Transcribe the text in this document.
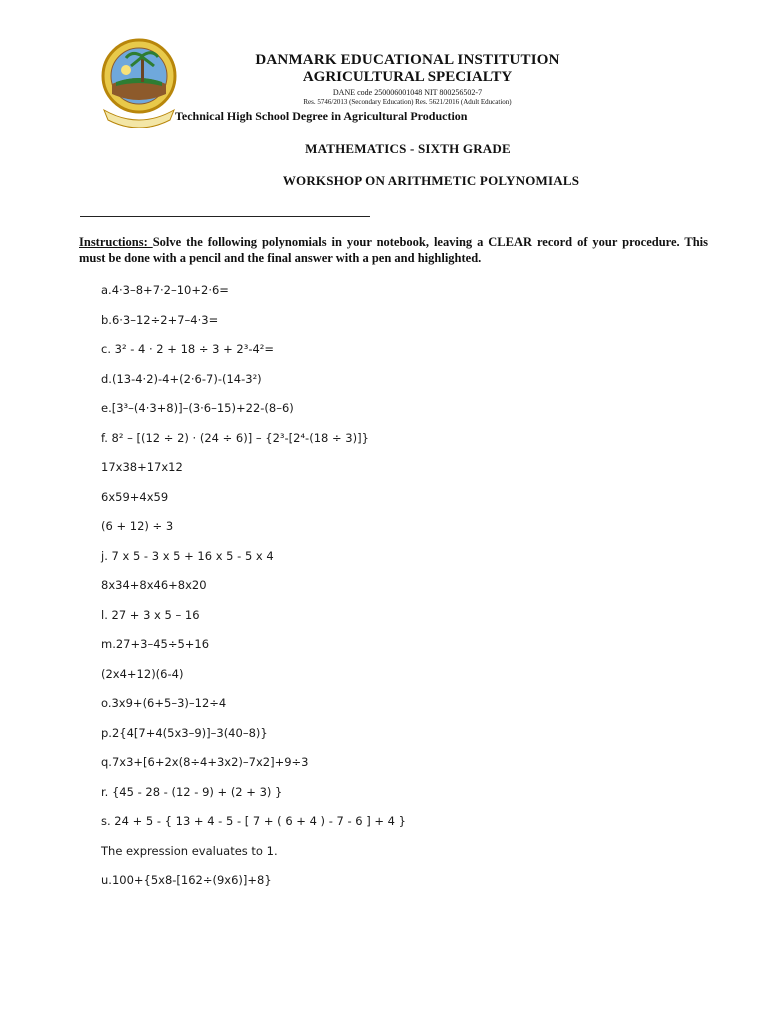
DANMARK EDUCATIONAL INSTITUTION
AGRICULTURAL SPECIALTY
DANE code 250006001048 NIT 800256502-7
Res. 5746/2013 (Secondary Education) Res. 5621/2016 (Adult Education)
Technical High School Degree in Agricultural Production
MATHEMATICS - SIXTH GRADE
WORKSHOP ON ARITHMETIC POLYNOMIALS
Instructions: Solve the following polynomials in your notebook, leaving a CLEAR record of your procedure. This must be done with a pencil and the final answer with a pen and highlighted.
a.4·3–8+7·2–10+2·6=
b.6·3–12÷2+7–4·3=
c. 3² - 4 · 2 + 18 ÷ 3 + 2³-4²=
d.(13-4·2)-4+(2·6-7)-(14-3²)
e.[3³–(4·3+8)]–(3·6–15)+22-(8–6)
f. 8² – [(12 ÷ 2) · (24 ÷ 6)] – {2³-[2⁴-(18 ÷ 3)]}
17x38+17x12
6x59+4x59
(6 + 12) ÷ 3
j. 7 x 5 - 3 x 5 + 16 x 5 - 5 x 4
8x34+8x46+8x20
l. 27 + 3 x 5 – 16
m.27+3–45÷5+16
(2x4+12)(6-4)
o.3x9+(6+5–3)–12÷4
p.2{4[7+4(5x3–9)]–3(40–8)}
q.7x3+[6+2x(8÷4+3x2)–7x2]+9÷3
r. {45 - 28 - (12 - 9) + (2 + 3) }
s. 24 + 5 - { 13 + 4 - 5 - [ 7 + ( 6 + 4 ) - 7 - 6 ] + 4 }
The expression evaluates to 1.
u.100+{5x8-[162÷(9x6)]+8}
